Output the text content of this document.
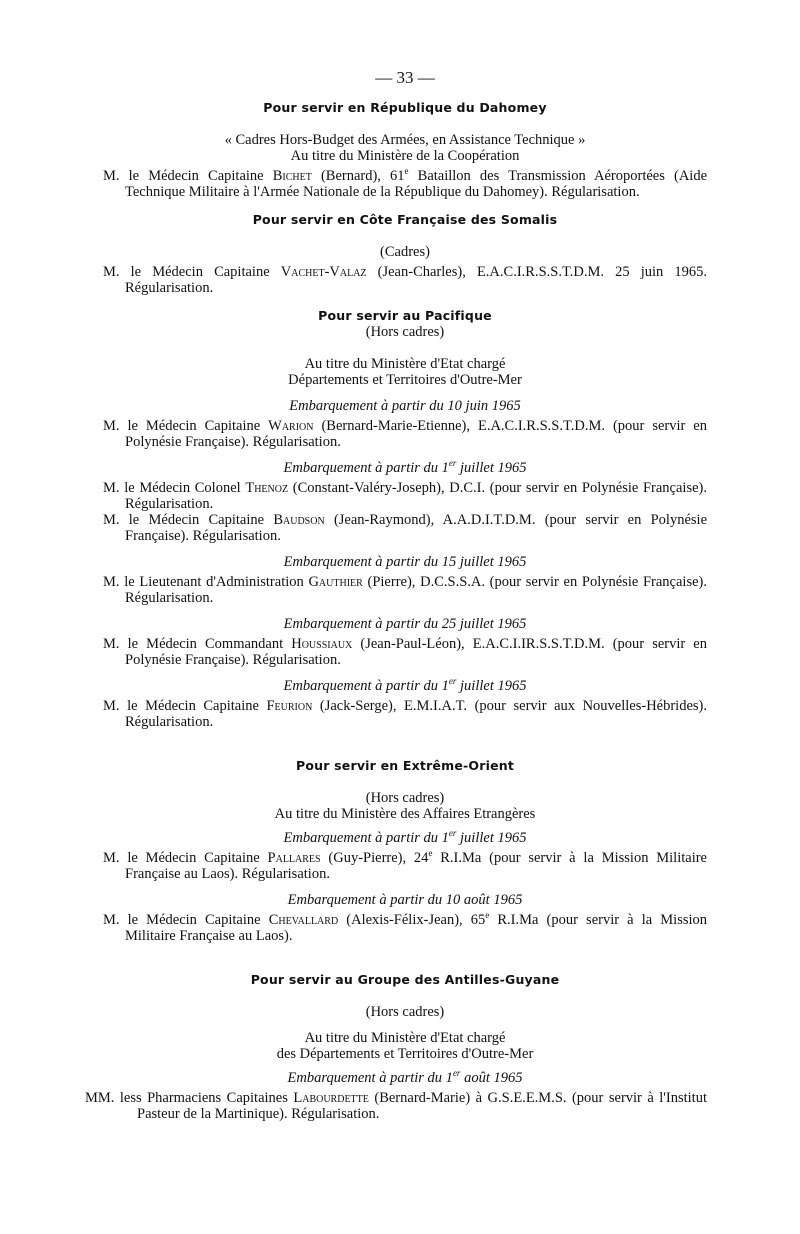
— 33 —
Pour servir en République du Dahomey
« Cadres Hors-Budget des Armées, en Assistance Technique »
Au titre du Ministère de la Coopération
M. le Médecin Capitaine Bichet (Bernard), 61e Bataillon des Transmission Aéroportées (Aide Technique Militaire à l'Armée Nationale de la République du Dahomey). Régularisation.
Pour servir en Côte Française des Somalis
(Cadres)
M. le Médecin Capitaine Vachet-Valaz (Jean-Charles), E.A.C.I.R.S.S.T.D.M. 25 juin 1965. Régularisation.
Pour servir au Pacifique
(Hors cadres)
Au titre du Ministère d'Etat chargé
Départements et Territoires d'Outre-Mer
Embarquement à partir du 10 juin 1965
M. le Médecin Capitaine Warion (Bernard-Marie-Etienne), E.A.C.I.R.S.S.T.D.M. (pour servir en Polynésie Française). Régularisation.
Embarquement à partir du 1er juillet 1965
M. le Médecin Colonel Thenoz (Constant-Valéry-Joseph), D.C.I. (pour servir en Polynésie Française). Régularisation.
M. le Médecin Capitaine Baudson (Jean-Raymond), A.A.D.I.T.D.M. (pour servir en Polynésie Française). Régularisation.
Embarquement à partir du 15 juillet 1965
M. le Lieutenant d'Administration Gauthier (Pierre), D.C.S.S.A. (pour servir en Polynésie Française). Régularisation.
Embarquement à partir du 25 juillet 1965
M. le Médecin Commandant Houssiaux (Jean-Paul-Léon), E.A.C.I.IR.S.S.T.D.M. (pour servir en Polynésie Française). Régularisation.
Embarquement à partir du 1er juillet 1965
M. le Médecin Capitaine Feurion (Jack-Serge), E.M.I.A.T. (pour servir aux Nouvelles-Hébrides). Régularisation.
Pour servir en Extrême-Orient
(Hors cadres)
Au titre du Ministère des Affaires Etrangères
Embarquement à partir du 1er juillet 1965
M. le Médecin Capitaine Pallares (Guy-Pierre), 24e R.I.Ma (pour servir à la Mission Militaire Française au Laos). Régularisation.
Embarquement à partir du 10 août 1965
M. le Médecin Capitaine Chevallard (Alexis-Félix-Jean), 65e R.I.Ma (pour servir à la Mission Militaire Française au Laos).
Pour servir au Groupe des Antilles-Guyane
(Hors cadres)
Au titre du Ministère d'Etat chargé
des Départements et Territoires d'Outre-Mer
Embarquement à partir du 1er août 1965
MM. less Pharmaciens Capitaines Labourdette (Bernard-Marie) à G.S.E.E.M.S. (pour servir à l'Institut Pasteur de la Martinique). Régularisation.
